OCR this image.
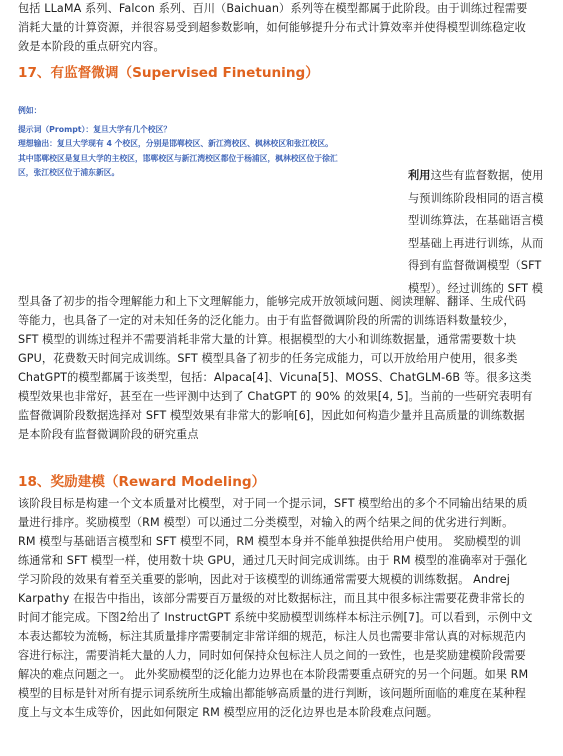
包括 LLaMA 系列、Falcon 系列、百川（Baichuan）系列等在模型都属于此阶段。由于训练过程需要

消耗大量的计算资源，并很容易受到超参数影响，如何能够提升分布式计算效率并使得模型训练稳定收

敛是本阶段的重点研究内容。

17、有监督微调（Supervised Finetuning）

例如：

提示词（Prompt）：复旦大学有几个校区？

理想输出：复旦大学现有 4 个校区，分别是邯郸校区、新江湾校区、枫林校区和张江校区。

其中邯郸校区是复旦大学的主校区，邯郸校区与新江湾校区都位于杨浦区，枫林校区位于徐汇

区，张江校区位于浦东新区。	利用这些有监督数据，使用

与预训练阶段相同的语言模

型训练算法，在基础语言模

型基础上再进行训练，从而

得到有监督微调模型（SFT

模型）。经过训练的 SFT 模

型具备了初步的指令理解能力和上下文理解能力，能够完成开放领域问题、阅读理解、翻译、生成代码

等能力，也具备了一定的对未知任务的泛化能力。由于有监督微调阶段的所需的训练语料数量较少，

SFT 模型的训练过程并不需要消耗非常大量的计算。根据模型的大小和训练数据量，通常需要数十块

GPU，花费数天时间完成训练。SFT 模型具备了初步的任务完成能力，可以开放给用户使用，很多类

ChatGPT的模型都属于该类型，包括：Alpaca[4]、Vicuna[5]、MOSS、ChatGLM-6B 等。很多这类

模型效果也非常好，甚至在一些评测中达到了 ChatGPT 的 90% 的效果[4, 5]。当前的一些研究表明有

监督微调阶段数据选择对 SFT 模型效果有非常大的影响[6]，因此如何构造少量并且高质量的训练数据

是本阶段有监督微调阶段的研究重点

18、奖励建模（Reward Modeling）

该阶段目标是构建一个文本质量对比模型，对于同一个提示词，SFT 模型给出的多个不同输出结果的质

量进行排序。奖励模型（RM 模型）可以通过二分类模型，对输入的两个结果之间的优劣进行判断。

RM 模型与基础语言模型和 SFT 模型不同，RM 模型本身并不能单独提供给用户使用。 奖励模型的训

练通常和 SFT 模型一样，使用数十块 GPU，通过几天时间完成训练。由于 RM 模型的准确率对于强化

学习阶段的效果有着至关重要的影响，因此对于该模型的训练通常需要大规模的训练数据。 Andrej

Karpathy 在报告中指出，该部分需要百万量级的对比数据标注，而且其中很多标注需要花费非常长的

时间才能完成。下图2给出了 InstructGPT 系统中奖励模型训练样本标注示例[7]。可以看到，示例中文

本表达都较为流畅，标注其质量排序需要制定非常详细的规范，标注人员也需要非常认真的对标规范内

容进行标注，需要消耗大量的人力，同时如何保持众包标注人员之间的一致性，也是奖励建模阶段需要

解决的难点问题之一。 此外奖励模型的泛化能力边界也在本阶段需要重点研究的另一个问题。如果 RM

模型的目标是针对所有提示词系统所生成输出都能够高质量的进行判断，该问题所面临的难度在某种程

度上与文本生成等价，因此如何限定 RM 模型应用的泛化边界也是本阶段难点问题。
